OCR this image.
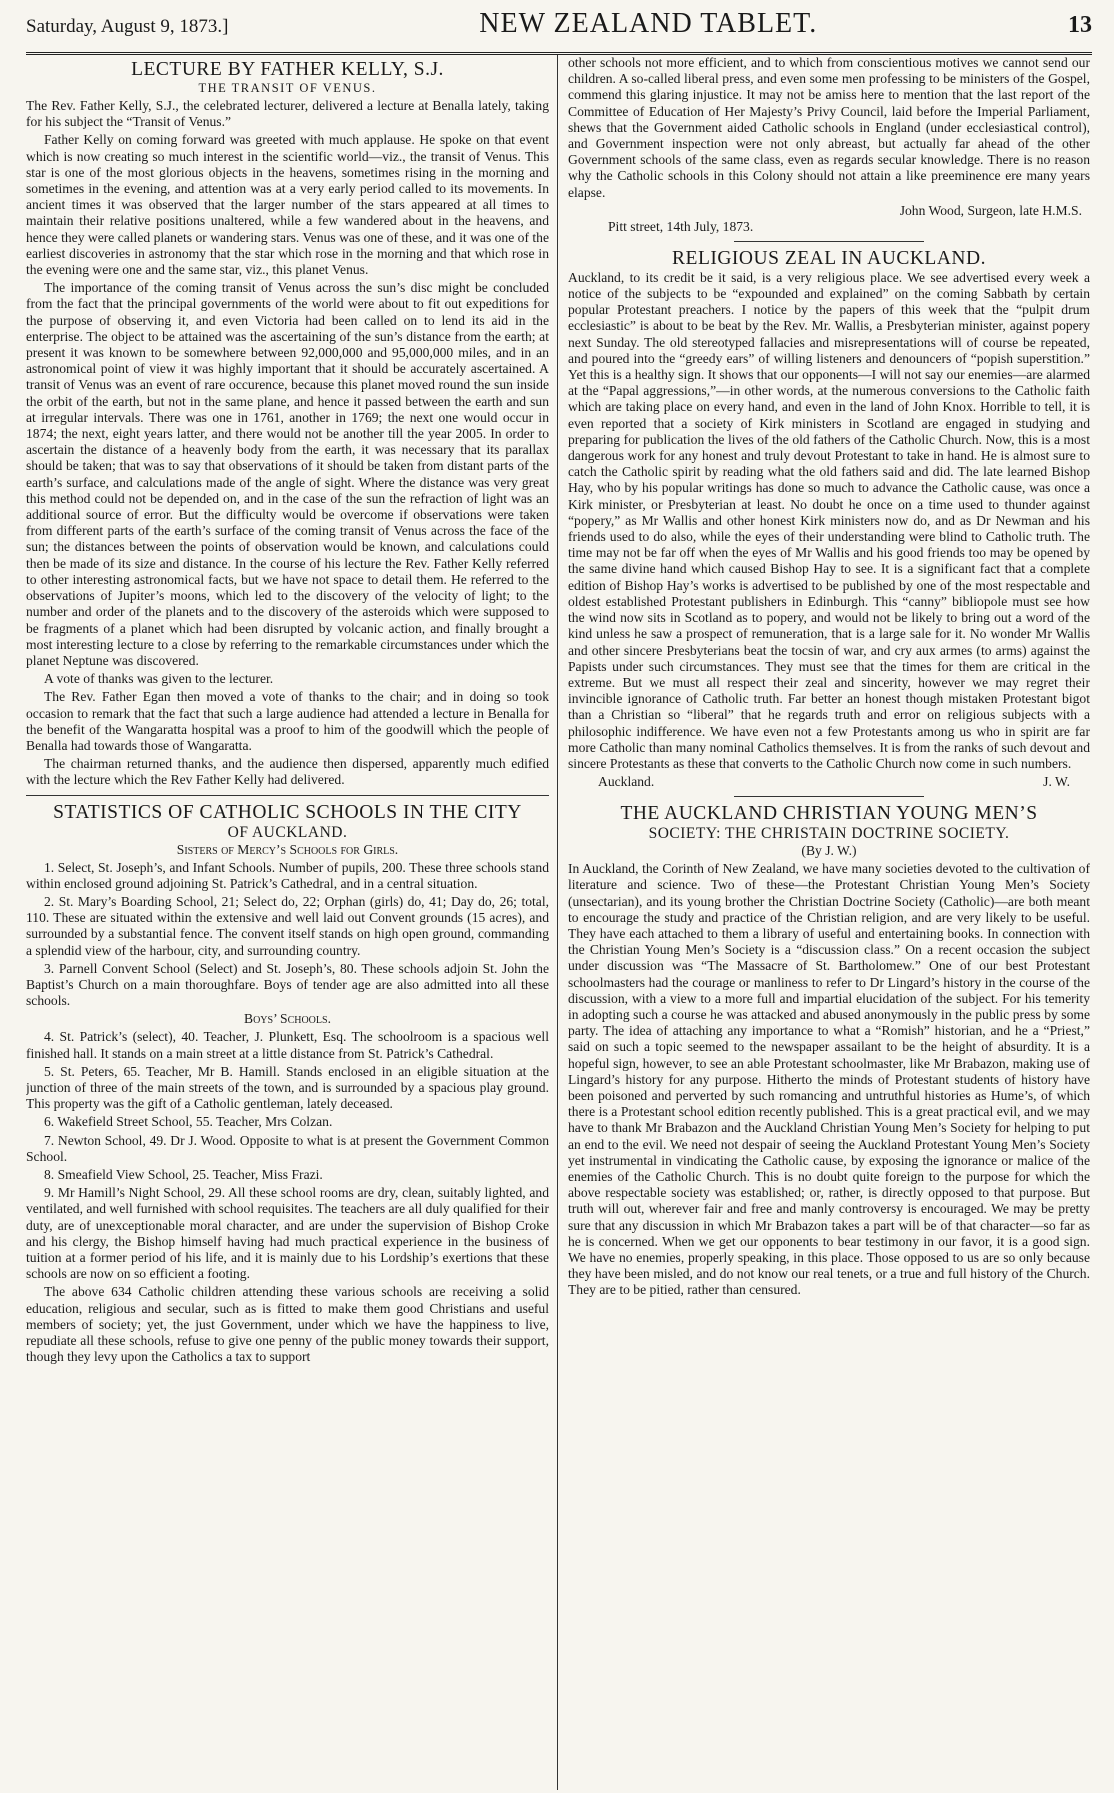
Saturday, August 9, 1873.]	NEW ZEALAND TABLET.	13
LECTURE BY FATHER KELLY, S.J.
THE TRANSIT OF VENUS.

The Rev. Father Kelly, S.J., the celebrated lecturer, delivered a lecture at Benalla lately, taking for his subject the “Transit of Venus.”

Father Kelly on coming forward was greeted with much applause. He spoke on that event which is now creating so much interest in the scientific world—viz., the transit of Venus. This star is one of the most glorious objects in the heavens, sometimes rising in the morning and sometimes in the evening, and attention was at a very early period called to its movements. In ancient times it was observed that the larger number of the stars appeared at all times to maintain their relative positions unaltered, while a few wandered about in the heavens, and hence they were called planets or wandering stars. Venus was one of these, and it was one of the earliest discoveries in astronomy that the star which rose in the morning and that which rose in the evening were one and the same star, viz., this planet Venus.

The importance of the coming transit of Venus across the sun’s disc might be concluded from the fact that the principal governments of the world were about to fit out expeditions for the purpose of observing it, and even Victoria had been called on to lend its aid in the enterprise. The object to be attained was the ascertaining of the sun’s distance from the earth; at present it was known to be somewhere between 92,000,000 and 95,000,000 miles, and in an astronomical point of view it was highly important that it should be accurately ascertained. A transit of Venus was an event of rare occurence, because this planet moved round the sun inside the orbit of the earth, but not in the same plane, and hence it passed between the earth and sun at irregular intervals. There was one in 1761, another in 1769; the next one would occur in 1874; the next, eight years latter, and there would not be another till the year 2005. In order to ascertain the distance of a heavenly body from the earth, it was necessary that its parallax should be taken; that was to say that observations of it should be taken from distant parts of the earth’s surface, and calculations made of the angle of sight. Where the distance was very great this method could not be depended on, and in the case of the sun the refraction of light was an additional source of error. But the difficulty would be overcome if observations were taken from different parts of the earth’s surface of the coming transit of Venus across the face of the sun; the distances between the points of observation would be known, and calculations could then be made of its size and distance. In the course of his lecture the Rev. Father Kelly referred to other interesting astronomical facts, but we have not space to detail them. He referred to the observations of Jupiter’s moons, which led to the discovery of the velocity of light; to the number and order of the planets and to the discovery of the asteroids which were supposed to be fragments of a planet which had been disrupted by volcanic action, and finally brought a most interesting lecture to a close by referring to the remarkable circumstances under which the planet Neptune was discovered.

A vote of thanks was given to the lecturer.

The Rev. Father Egan then moved a vote of thanks to the chair; and in doing so took occasion to remark that the fact that such a large audience had attended a lecture in Benalla for the benefit of the Wangaratta hospital was a proof to him of the goodwill which the people of Benalla had towards those of Wangaratta.

The chairman returned thanks, and the audience then dispersed, apparently much edified with the lecture which the Rev Father Kelly had delivered.

STATISTICS OF CATHOLIC SCHOOLS IN THE CITY
OF AUCKLAND.
Sisters of Mercy’s Schools for Girls.

1. Select, St. Joseph’s, and Infant Schools. Number of pupils, 200. These three schools stand within enclosed ground adjoining St. Patrick’s Cathedral, and in a central situation.

2. St. Mary’s Boarding School, 21; Select do, 22; Orphan (girls) do, 41; Day do, 26; total, 110. These are situated within the extensive and well laid out Convent grounds (15 acres), and surrounded by a substantial fence. The convent itself stands on high open ground, commanding a splendid view of the harbour, city, and surrounding country.

3. Parnell Convent School (Select) and St. Joseph’s, 80. These schools adjoin St. John the Baptist’s Church on a main thoroughfare. Boys of tender age are also admitted into all these schools.

Boys’ Schools.

4. St. Patrick’s (select), 40. Teacher, J. Plunkett, Esq. The schoolroom is a spacious well finished hall. It stands on a main street at a little distance from St. Patrick’s Cathedral.

5. St. Peters, 65. Teacher, Mr B. Hamill. Stands enclosed in an eligible situation at the junction of three of the main streets of the town, and is surrounded by a spacious play ground. This property was the gift of a Catholic gentleman, lately deceased.

6. Wakefield Street School, 55. Teacher, Mrs Colzan.

7. Newton School, 49. Dr J. Wood. Opposite to what is at present the Government Common School.

8. Smeafield View School, 25. Teacher, Miss Frazi.

9. Mr Hamill’s Night School, 29. All these school rooms are dry, clean, suitably lighted, and ventilated, and well furnished with school requisites. The teachers are all duly qualified for their duty, are of unexceptionable moral character, and are under the supervision of Bishop Croke and his clergy, the Bishop himself having had much practical experience in the business of tuition at a former period of his life, and it is mainly due to his Lordship’s exertions that these schools are now on so efficient a footing.

The above 634 Catholic children attending these various schools are receiving a solid education, religious and secular, such as is fitted to make them good Christians and useful members of society; yet, the just Government, under which we have the happiness to live, repudiate all these schools, refuse to give one penny of the public money towards their support, though they levy upon the Catholics a tax to support

other schools not more efficient, and to which from conscientious motives we cannot send our children. A so-called liberal press, and even some men professing to be ministers of the Gospel, commend this glaring injustice. It may not be amiss here to mention that the last report of the Committee of Education of Her Majesty’s Privy Council, laid before the Imperial Parliament, shews that the Government aided Catholic schools in England (under ecclesiastical control), and Government inspection were not only abreast, but actually far ahead of the other Government schools of the same class, even as regards secular knowledge. There is no reason why the Catholic schools in this Colony should not attain a like preeminence ere many years elapse.

John Wood, Surgeon, late H.M.S.
Pitt street, 14th July, 1873.
RELIGIOUS ZEAL IN AUCKLAND.

Auckland, to its credit be it said, is a very religious place. We see advertised every week a notice of the subjects to be “expounded and explained” on the coming Sabbath by certain popular Protestant preachers. I notice by the papers of this week that the “pulpit drum ecclesiastic” is about to be beat by the Rev. Mr. Wallis, a Presbyterian minister, against popery next Sunday. The old stereotyped fallacies and misrepresentations will of course be repeated, and poured into the “greedy ears” of willing listeners and denouncers of “popish superstition.” Yet this is a healthy sign. It shows that our opponents—I will not say our enemies—are alarmed at the “Papal aggressions,”—in other words, at the numerous conversions to the Catholic faith which are taking place on every hand, and even in the land of John Knox. Horrible to tell, it is even reported that a society of Kirk ministers in Scotland are engaged in studying and preparing for publication the lives of the old fathers of the Catholic Church. Now, this is a most dangerous work for any honest and truly devout Protestant to take in hand. He is almost sure to catch the Catholic spirit by reading what the old fathers said and did. The late learned Bishop Hay, who by his popular writings has done so much to advance the Catholic cause, was once a Kirk minister, or Presbyterian at least. No doubt he once on a time used to thunder against “popery,” as Mr Wallis and other honest Kirk ministers now do, and as Dr Newman and his friends used to do also, while the eyes of their understanding were blind to Catholic truth. The time may not be far off when the eyes of Mr Wallis and his good friends too may be opened by the same divine hand which caused Bishop Hay to see. It is a significant fact that a complete edition of Bishop Hay’s works is advertised to be published by one of the most respectable and oldest established Protestant publishers in Edinburgh. This “canny” bibliopole must see how the wind now sits in Scotland as to popery, and would not be likely to bring out a word of the kind unless he saw a prospect of remuneration, that is a large sale for it. No wonder Mr Wallis and other sincere Presbyterians beat the tocsin of war, and cry aux armes (to arms) against the Papists under such circumstances. They must see that the times for them are critical in the extreme. But we must all respect their zeal and sincerity, however we may regret their invincible ignorance of Catholic truth. Far better an honest though mistaken Protestant bigot than a Christian so “liberal” that he regards truth and error on religious subjects with a philosophic indifference. We have even not a few Protestants among us who in spirit are far more Catholic than many nominal Catholics themselves. It is from the ranks of such devout and sincere Protestants as these that converts to the Catholic Church now come in such numbers.

Auckland.	J. W.
THE AUCKLAND CHRISTIAN YOUNG MEN’S
SOCIETY: THE CHRISTAIN DOCTRINE SOCIETY.
(By J. W.)

In Auckland, the Corinth of New Zealand, we have many societies devoted to the cultivation of literature and science. Two of these—the Protestant Christian Young Men’s Society (unsectarian), and its young brother the Christian Doctrine Society (Catholic)—are both meant to encourage the study and practice of the Christian religion, and are very likely to be useful. They have each attached to them a library of useful and entertaining books. In connection with the Christian Young Men’s Society is a “discussion class.” On a recent occasion the subject under discussion was “The Massacre of St. Bartholomew.” One of our best Protestant schoolmasters had the courage or manliness to refer to Dr Lingard’s history in the course of the discussion, with a view to a more full and impartial elucidation of the subject. For his temerity in adopting such a course he was attacked and abused anonymously in the public press by some party. The idea of attaching any importance to what a “Romish” historian, and he a “Priest,” said on such a topic seemed to the newspaper assailant to be the height of absurdity. It is a hopeful sign, however, to see an able Protestant schoolmaster, like Mr Brabazon, making use of Lingard’s history for any purpose. Hitherto the minds of Protestant students of history have been poisoned and perverted by such romancing and untruthful histories as Hume’s, of which there is a Protestant school edition recently published. This is a great practical evil, and we may have to thank Mr Brabazon and the Auckland Christian Young Men’s Society for helping to put an end to the evil. We need not despair of seeing the Auckland Protestant Young Men’s Society yet instrumental in vindicating the Catholic cause, by exposing the ignorance or malice of the enemies of the Catholic Church. This is no doubt quite foreign to the purpose for which the above respectable society was established; or, rather, is directly opposed to that purpose. But truth will out, wherever fair and free and manly controversy is encouraged. We may be pretty sure that any discussion in which Mr Brabazon takes a part will be of that character—so far as he is concerned. When we get our opponents to bear testimony in our favor, it is a good sign. We have no enemies, properly speaking, in this place. Those opposed to us are so only because they have been misled, and do not know our real tenets, or a true and full history of the Church. They are to be pitied, rather than censured.
